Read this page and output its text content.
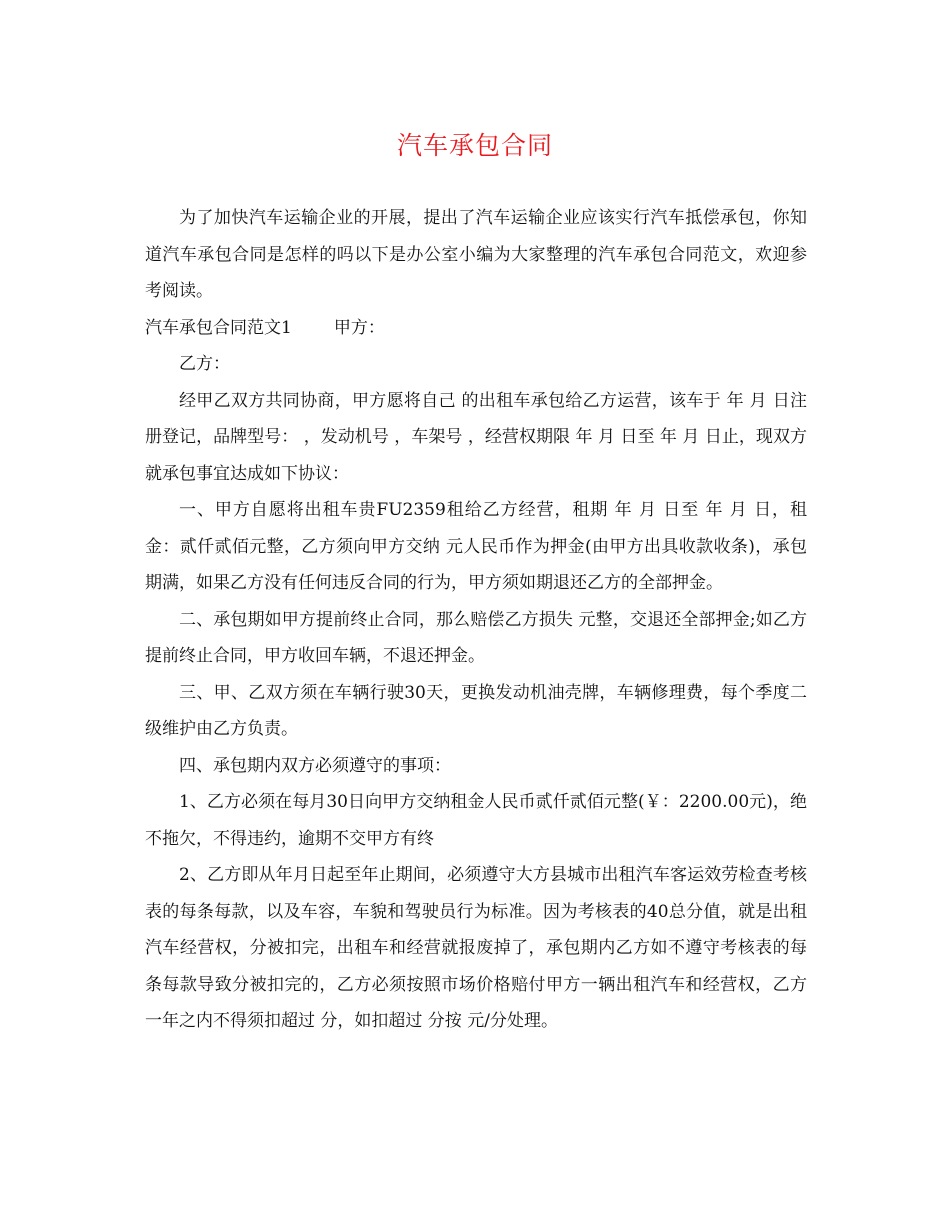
汽车承包合同

为了加快汽车运输企业的开展，提出了汽车运输企业应该实行汽车抵偿承包，你知道汽车承包合同是怎样的吗以下是办公室小编为大家整理的汽车承包合同范文，欢迎参考阅读。

汽车承包合同范文1 甲方：

乙方：

经甲乙双方共同协商，甲方愿将自己 的出租车承包给乙方运营，该车于 年 月 日注册登记，品牌型号： ，发动机号 ，车架号 ，经营权期限 年 月 日至 年 月 日止，现双方就承包事宜达成如下协议：

一、甲方自愿将出租车贵FU2359租给乙方经营，租期 年 月 日至 年 月 日，租金：贰仟贰佰元整，乙方须向甲方交纳 元人民币作为押金(由甲方出具收款收条)，承包期满，如果乙方没有任何违反合同的行为，甲方须如期退还乙方的全部押金。

二、承包期如甲方提前终止合同，那么赔偿乙方损失 元整，交退还全部押金;如乙方提前终止合同，甲方收回车辆，不退还押金。

三、甲、乙双方须在车辆行驶30天，更换发动机油壳牌，车辆修理费，每个季度二级维护由乙方负责。

四、承包期内双方必须遵守的事项：

1、乙方必须在每月30日向甲方交纳租金人民币贰仟贰佰元整(￥：2200.00元)，绝不拖欠，不得违约，逾期不交甲方有终

2、乙方即从年月日起至年止期间，必须遵守大方县城市出租汽车客运效劳检查考核表的每条每款，以及车容，车貌和驾驶员行为标准。因为考核表的40总分值，就是出租汽车经营权，分被扣完，出租车和经营就报废掉了，承包期内乙方如不遵守考核表的每条每款导致分被扣完的，乙方必须按照市场价格赔付甲方一辆出租汽车和经营权，乙方一年之内不得须扣超过 分，如扣超过 分按 元/分处理。
